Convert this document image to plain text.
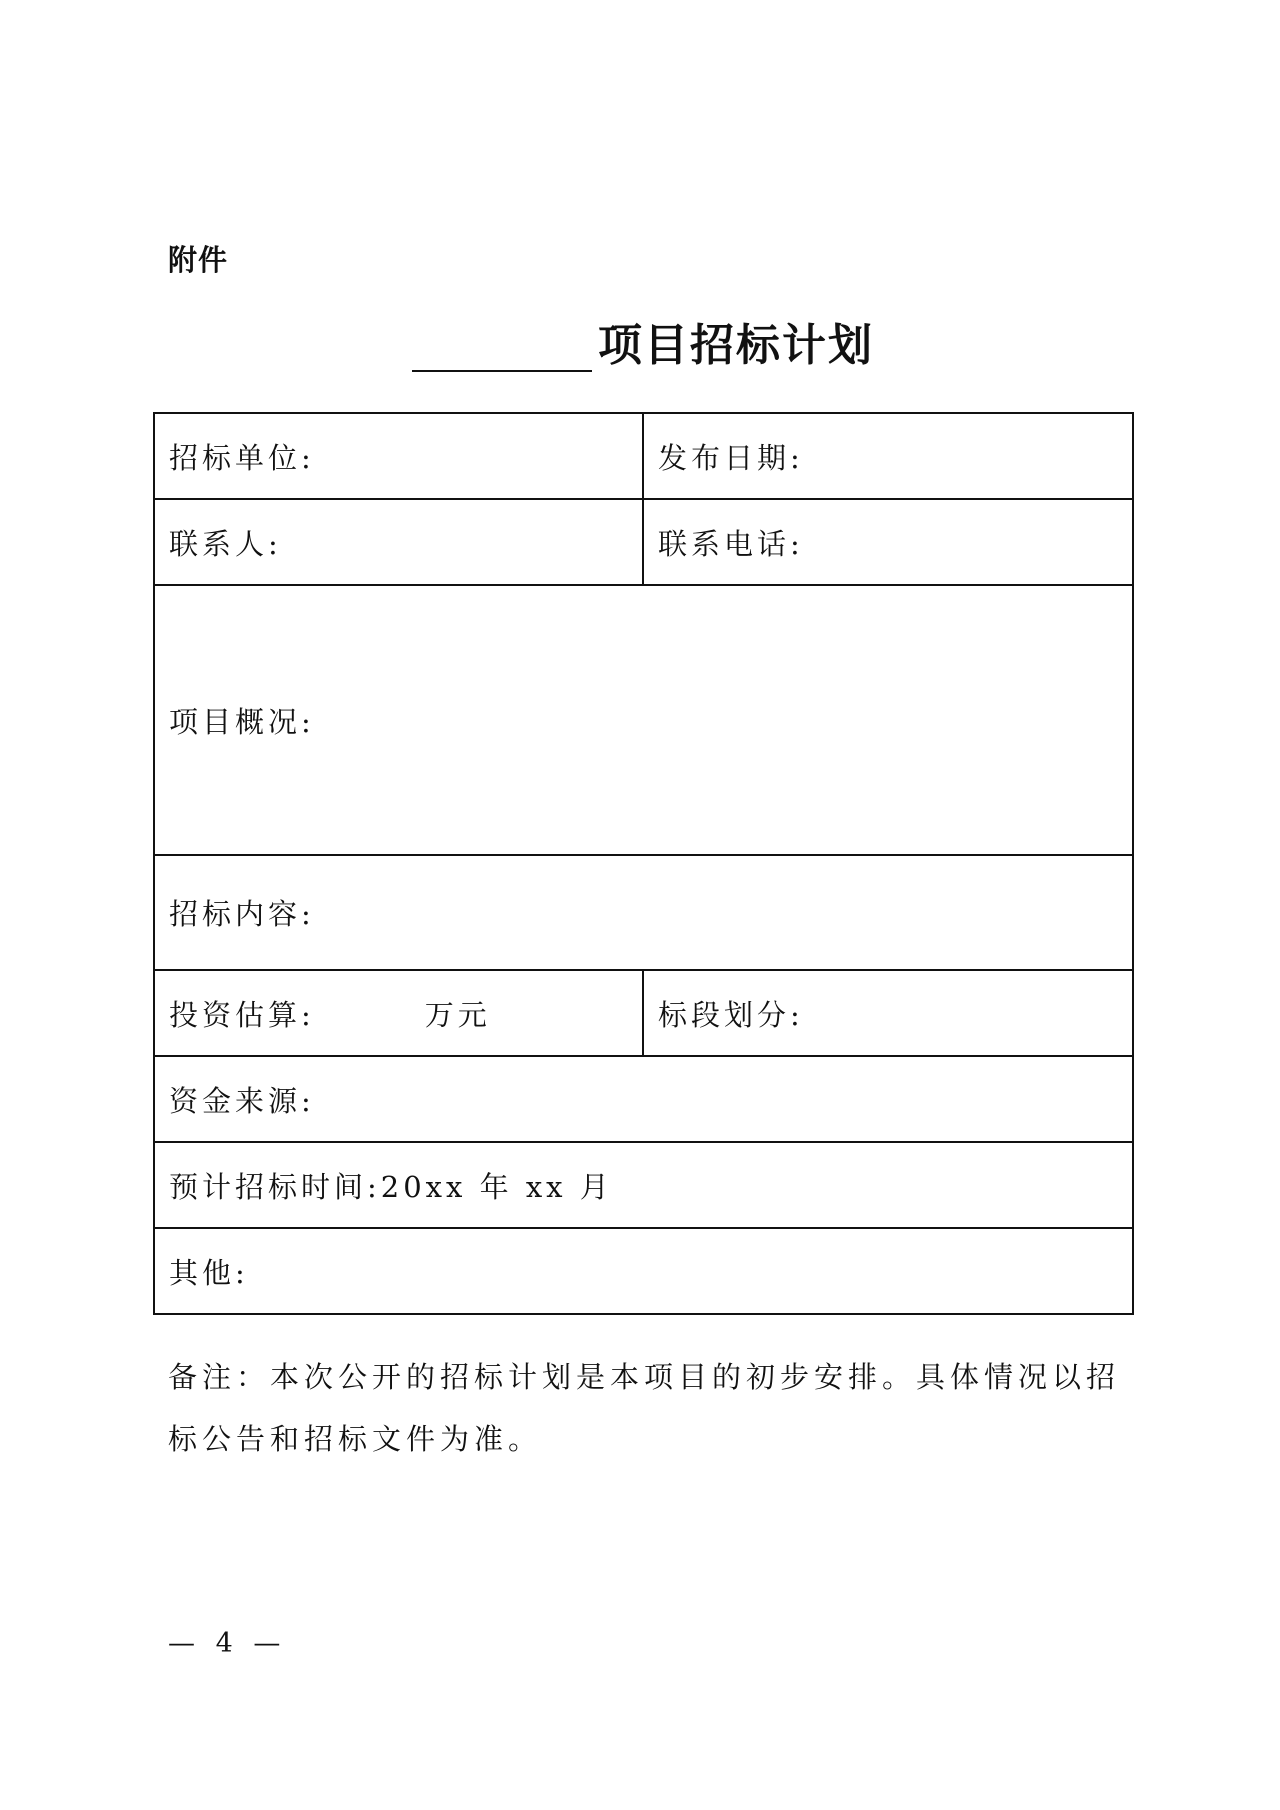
附件
项目招标计划
招标单位:	发布日期:
联系人:	联系电话:
项目概况:	
招标内容:	
投资估算: 万元	标段划分:
资金来源:	
预计招标时间:20xx 年 xx 月	
其他:	
备注：本次公开的招标计划是本项目的初步安排。具体情况以招标公告和招标文件为准。
— 4 —
